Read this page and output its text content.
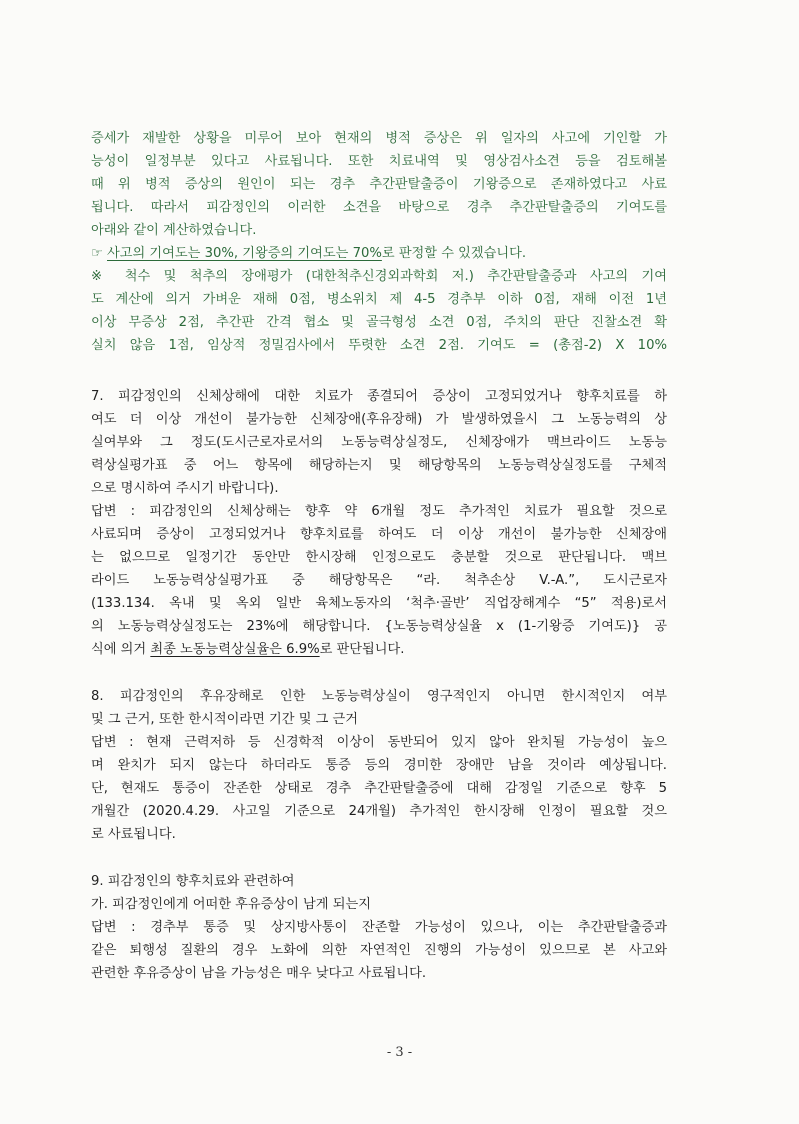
증세가 재발한 상황을 미루어 보아 현재의 병적 증상은 위 일자의 사고에 기인할 가
능성이 일정부분 있다고 사료됩니다. 또한 치료내역 및 영상검사소견 등을 검토해볼
때 위 병적 증상의 원인이 되는 경추 추간판탈출증이 기왕증으로 존재하였다고 사료
됩니다. 따라서 피감정인의 이러한 소견을 바탕으로 경추 추간판탈출증의 기여도를
아래와 같이 계산하였습니다.
☞ 사고의 기여도는 30%, 기왕증의 기여도는 70%로 판정할 수 있겠습니다.
※ 척수 및 척추의 장애평가 (대한척추신경외과학회 저.) 추간판탈출증과 사고의 기여
도 계산에 의거 가벼운 재해 0점, 병소위치 제 4-5 경추부 이하 0점, 재해 이전 1년
이상 무증상 2점, 추간판 간격 협소 및 골극형성 소견 0점, 주치의 판단 진찰소견 확
실치 않음 1점, 임상적 정밀검사에서 뚜렷한 소견 2점. 기여도 = (총점-2) X 10%
7. 피감정인의 신체상해에 대한 치료가 종결되어 증상이 고정되었거나 향후치료를 하
여도 더 이상 개선이 불가능한 신체장애(후유장해) 가 발생하였을시 그 노동능력의 상
실여부와 그 정도(도시근로자로서의 노동능력상실정도, 신체장애가 맥브라이드 노동능
력상실평가표 중 어느 항목에 해당하는지 및 해당항목의 노동능력상실정도를 구체적
으로 명시하여 주시기 바랍니다).
답변 : 피감정인의 신체상해는 향후 약 6개월 정도 추가적인 치료가 필요할 것으로
사료되며 증상이 고정되었거나 향후치료를 하여도 더 이상 개선이 불가능한 신체장애
는 없으므로 일정기간 동안만 한시장해 인정으로도 충분할 것으로 판단됩니다. 맥브
라이드 노동능력상실평가표 중 해당항목은 “라. 척추손상 V.-A.”, 도시근로자
(133.134. 옥내 및 옥외 일반 육체노동자의 ‘척추·골반’ 직업장해계수 “5” 적용)로서
의 노동능력상실정도는 23%에 해당합니다. {노동능력상실율 x (1-기왕증 기여도)} 공
식에 의거 최종 노동능력상실율은 6.9%로 판단됩니다.
8. 피감정인의 후유장해로 인한 노동능력상실이 영구적인지 아니면 한시적인지 여부
및 그 근거, 또한 한시적이라면 기간 및 그 근거
답변 : 현재 근력저하 등 신경학적 이상이 동반되어 있지 않아 완치될 가능성이 높으
며 완치가 되지 않는다 하더라도 통증 등의 경미한 장애만 남을 것이라 예상됩니다.
단, 현재도 통증이 잔존한 상태로 경추 추간판탈출증에 대해 감정일 기준으로 향후 5
개월간 (2020.4.29. 사고일 기준으로 24개월) 추가적인 한시장해 인정이 필요할 것으
로 사료됩니다.
9. 피감정인의 향후치료와 관련하여
가. 피감정인에게 어떠한 후유증상이 남게 되는지
답변 : 경추부 통증 및 상지방사통이 잔존할 가능성이 있으나, 이는 추간판탈출증과
같은 퇴행성 질환의 경우 노화에 의한 자연적인 진행의 가능성이 있으므로 본 사고와
관련한 후유증상이 남을 가능성은 매우 낮다고 사료됩니다.
- 3 -
